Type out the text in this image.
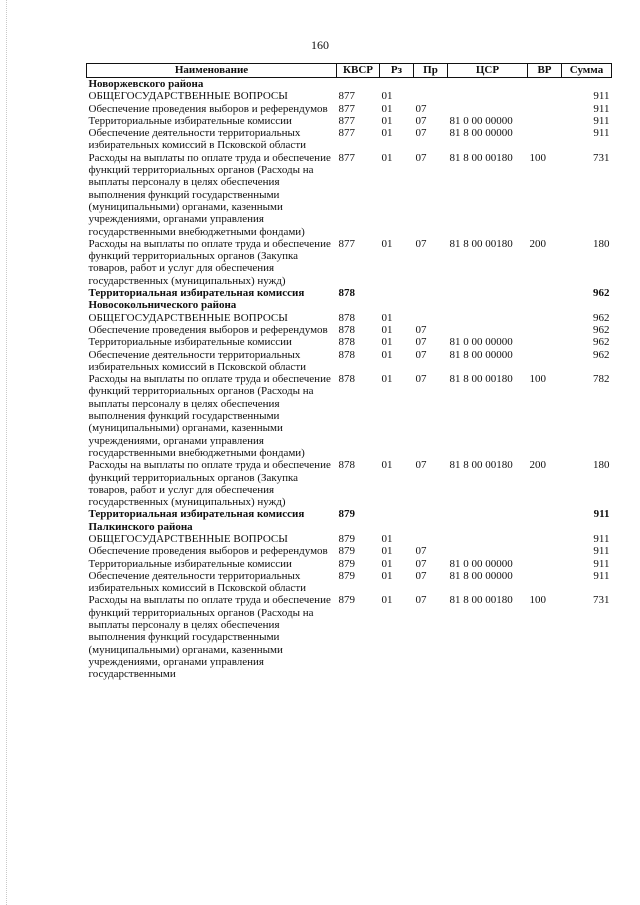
160
Наименование	КВСР	Рз	Пр	ЦСР	ВР	Сумма
Новоржевского района						
ОБЩЕГОСУДАРСТВЕННЫЕ ВОПРОСЫ	877	01				911
Обеспечение проведения выборов и референдумов	877	01	07			911
Территориальные избирательные комиссии	877	01	07	81 0 00 00000		911
Обеспечение деятельности территориальных избирательных комиссий в Псковской области	877	01	07	81 8 00 00000		911
Расходы на выплаты по оплате труда и обеспечение функций территориальных органов (Расходы на выплаты персоналу в целях обеспечения выполнения функций государственными (муниципальными) органами, казенными учреждениями, органами управления государственными внебюджетными фондами)	877	01	07	81 8 00 00180	100	731
Расходы на выплаты по оплате труда и обеспечение функций территориальных органов (Закупка товаров, работ и услуг для обеспечения государственных (муниципальных) нужд)	877	01	07	81 8 00 00180	200	180
Территориальная избирательная комиссия Новосокольнического района	878					962
ОБЩЕГОСУДАРСТВЕННЫЕ ВОПРОСЫ	878	01				962
Обеспечение проведения выборов и референдумов	878	01	07			962
Территориальные избирательные комиссии	878	01	07	81 0 00 00000		962
Обеспечение деятельности территориальных избирательных комиссий в Псковской области	878	01	07	81 8 00 00000		962
Расходы на выплаты по оплате труда и обеспечение функций территориальных органов (Расходы на выплаты персоналу в целях обеспечения выполнения функций государственными (муниципальными) органами, казенными учреждениями, органами управления государственными внебюджетными фондами)	878	01	07	81 8 00 00180	100	782
Расходы на выплаты по оплате труда и обеспечение функций территориальных органов (Закупка товаров, работ и услуг для обеспечения государственных (муниципальных) нужд)	878	01	07	81 8 00 00180	200	180
Территориальная избирательная комиссия Палкинского района	879					911
ОБЩЕГОСУДАРСТВЕННЫЕ ВОПРОСЫ	879	01				911
Обеспечение проведения выборов и референдумов	879	01	07			911
Территориальные избирательные комиссии	879	01	07	81 0 00 00000		911
Обеспечение деятельности территориальных избирательных комиссий в Псковской области	879	01	07	81 8 00 00000		911
Расходы на выплаты по оплате труда и обеспечение функций территориальных органов (Расходы на выплаты персоналу в целях обеспечения выполнения функций государственными (муниципальными) органами, казенными учреждениями, органами управления государственными	879	01	07	81 8 00 00180	100	731
